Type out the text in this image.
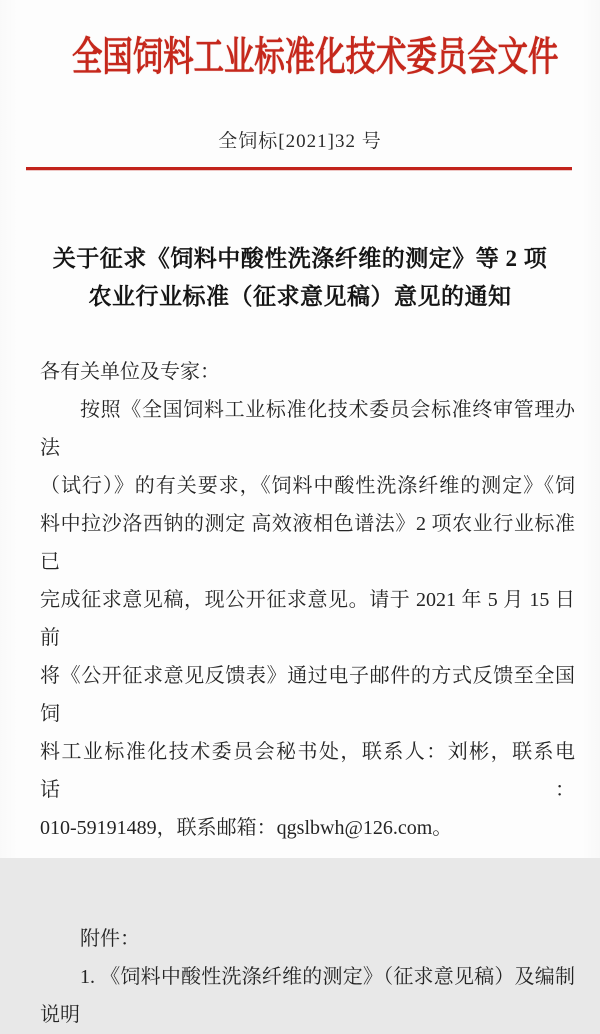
全国饲料工业标准化技术委员会文件
全饲标[2021]32 号
关于征求《饲料中酸性洗涤纤维的测定》等 2 项
农业行业标准（征求意见稿）意见的通知
各有关单位及专家：
按照《全国饲料工业标准化技术委员会标准终审管理办法
（试行）》的有关要求，《饲料中酸性洗涤纤维的测定》《饲
料中拉沙洛西钠的测定 高效液相色谱法》2 项农业行业标准已
完成征求意见稿，现公开征求意见。请于 2021 年 5 月 15 日前
将《公开征求意见反馈表》通过电子邮件的方式反馈至全国饲
料工业标准化技术委员会秘书处，联系人：刘彬，联系电话：
010-59191489，联系邮箱：qgslbwh@126.com。
附件：
1. 《饲料中酸性洗涤纤维的测定》（征求意见稿）及编制
说明
